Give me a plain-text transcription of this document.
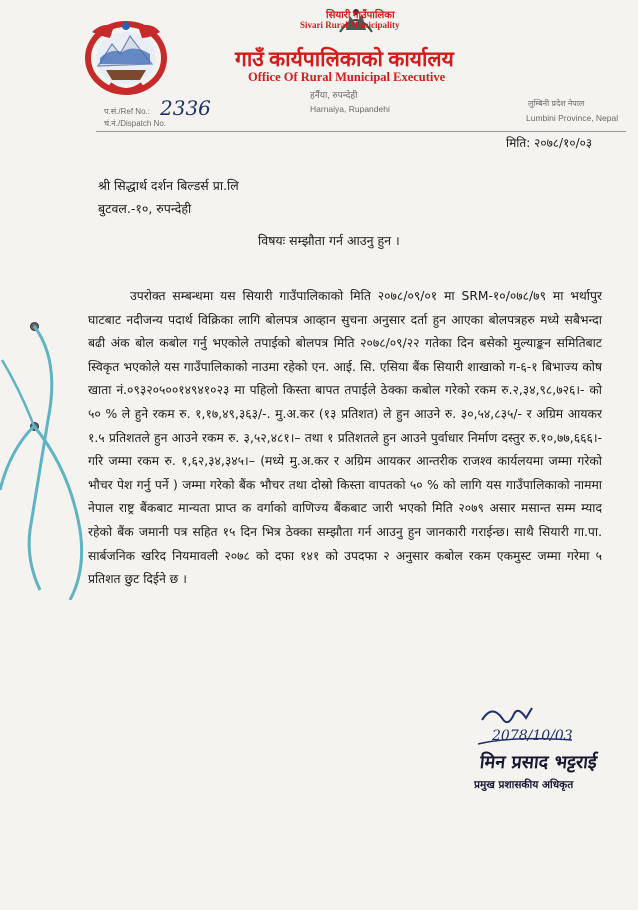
सियारी गाउँपालिका
Sivari Rural Municipality
गाउँ कार्यपालिकाको कार्यालय
Office Of Rural Municipal Executive
हर्नैया, रुपन्देही
Harnaiya, Rupandehi
लुम्बिनी प्रदेश नेपाल
Lumbini Province, Nepal
प.सं./Ref No.:
चं.नं./Dispatch No.
2336
मिति: २०७८/१०/०३
श्री सिद्धार्थ दर्शन बिल्डर्स प्रा.लि
बुटवल.-१०, रुपन्देही
विषयः सम्झौता गर्न आउनु हुन ।

उपरोक्त सम्बन्धमा यस सियारी गाउँपालिकाको मिति २०७८/०९/०१ मा SRM-१०/०७८/७९ मा भर्थापुर घाटबाट नदीजन्य पदार्थ विक्रिका लागि बोलपत्र आव्हान सुचना अनुसार दर्ता हुन आएका बोलपत्रहरु मध्ये सबैभन्दा बढी अंक बोल कबोल गर्नु भएकोले तपाईको बोलपत्र मिति २०७८/०९/२२ गतेका दिन बसेको मुल्याङ्कन समितिबाट स्विकृत भएकोले यस गाउँपालिकाको नाउमा रहेको एन. आई. सि. एसिया बैंक सियारी शाखाको ग-६-१ बिभाज्य कोष खाता नं.०९३२०५००१४९४१०२३ मा पहिलो किस्ता बापत तपाईले ठेक्का कबोल गरेको रकम रु.२,३४,९८,७२६।- को ५० % ले हुने रकम रु. १,१७,४९,३६३/-. मु.अ.कर (१३ प्रतिशत) ले हुन आउने रु. ३०,५४,८३५/- र अग्रिम आयकर १.५ प्रतिशतले हुन आउने रकम रु. ३,५२,४८१।– तथा १ प्रतिशतले हुन आउने पुर्वाधार निर्माण दस्तुर रु.१०,७७,६६६।- गरि जम्मा रकम रु. १,६२,३४,३४५।– (मध्ये मु.अ.कर र अग्रिम आयकर आन्तरीक राजश्व कार्यलयमा जम्मा गरेको भौचर पेश गर्नु पर्ने ) जम्मा गरेको बैंक भौचर तथा दोस्रो किस्ता वापतको ५० % को लागि यस गाउँपालिकाको नाममा नेपाल राष्ट्र बैंकबाट मान्यता प्राप्त क वर्गाको वाणिज्य बैंकबाट जारी भएको मिति २०७९ असार मसान्त सम्म म्याद रहेको बैंक जमानी पत्र सहित १५ दिन भित्र ठेक्का सम्झौता गर्न आउनु हुन जानकारी गराईन्छ। साथै सियारी गा.पा. सार्बजनिक खरिद नियमावली २०७८ को दफा १४१ को उपदफा २ अनुसार कबोल रकम एकमुस्ट जम्मा गरेमा ५ प्रतिशत छुट दिईने छ ।

2078/10/03
मिन प्रसाद भट्टराई
प्रमुख प्रशासकीय अधिकृत
